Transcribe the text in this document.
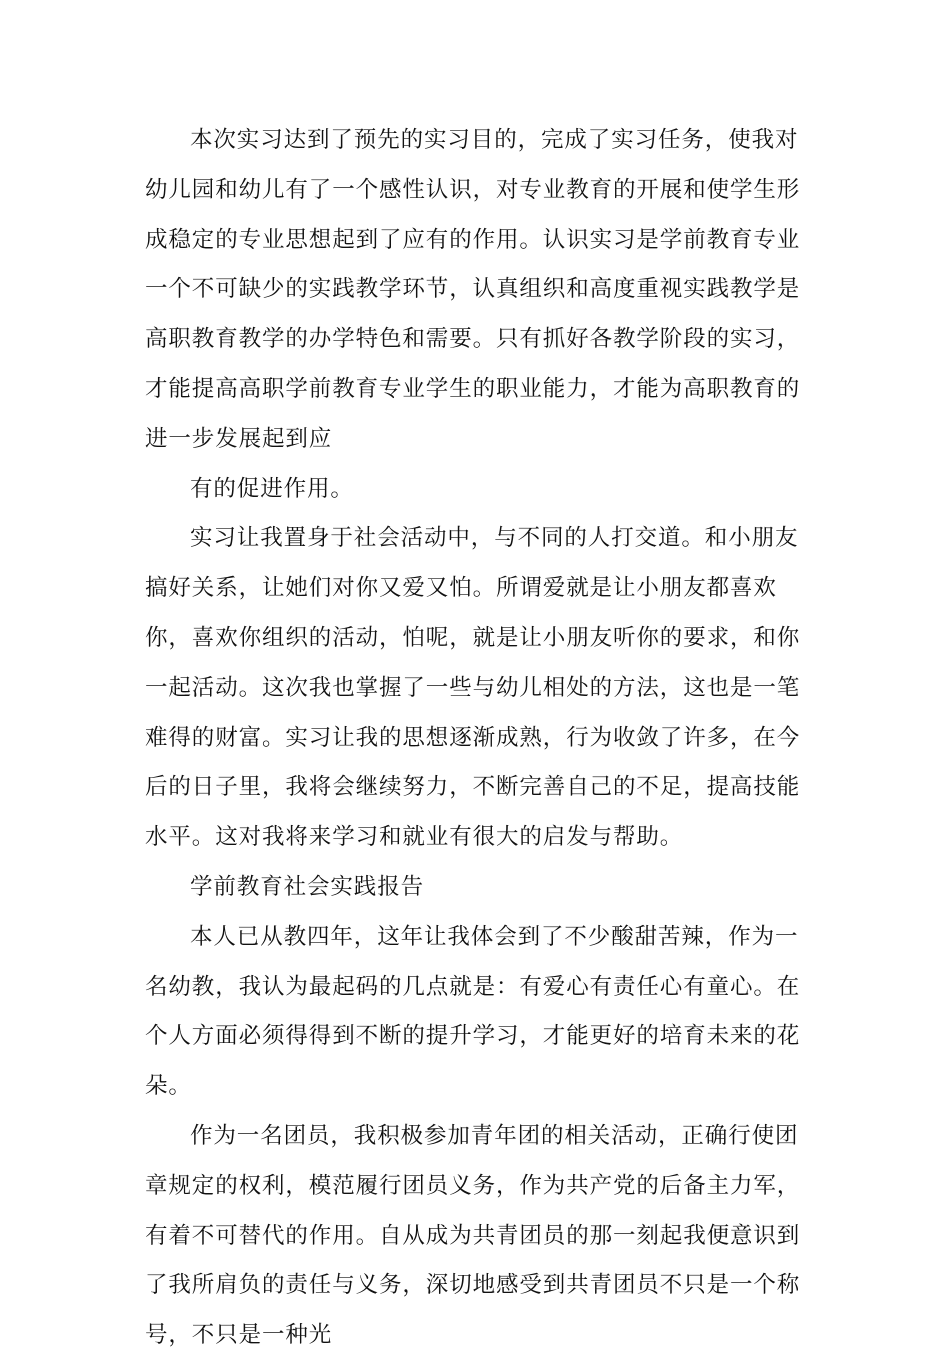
本次实习达到了预先的实习目的，完成了实习任务，使我对幼儿园和幼儿有了一个感性认识，对专业教育的开展和使学生形成稳定的专业思想起到了应有的作用。认识实习是学前教育专业一个不可缺少的实践教学环节，认真组织和高度重视实践教学是高职教育教学的办学特色和需要。只有抓好各教学阶段的实习，才能提高高职学前教育专业学生的职业能力，才能为高职教育的进一步发展起到应

有的促进作用。

实习让我置身于社会活动中，与不同的人打交道。和小朋友搞好关系，让她们对你又爱又怕。所谓爱就是让小朋友都喜欢你，喜欢你组织的活动，怕呢，就是让小朋友听你的要求，和你一起活动。这次我也掌握了一些与幼儿相处的方法，这也是一笔难得的财富。实习让我的思想逐渐成熟，行为收敛了许多，在今后的日子里，我将会继续努力，不断完善自己的不足，提高技能水平。这对我将来学习和就业有很大的启发与帮助。

学前教育社会实践报告

本人已从教四年，这年让我体会到了不少酸甜苦辣，作为一名幼教，我认为最起码的几点就是：有爱心有责任心有童心。在个人方面必须得得到不断的提升学习，才能更好的培育未来的花朵。

作为一名团员，我积极参加青年团的相关活动，正确行使团章规定的权利，模范履行团员义务，作为共产党的后备主力军，有着不可替代的作用。自从成为共青团员的那一刻起我便意识到了我所肩负的责任与义务，深切地感受到共青团员不只是一个称号，不只是一种光
